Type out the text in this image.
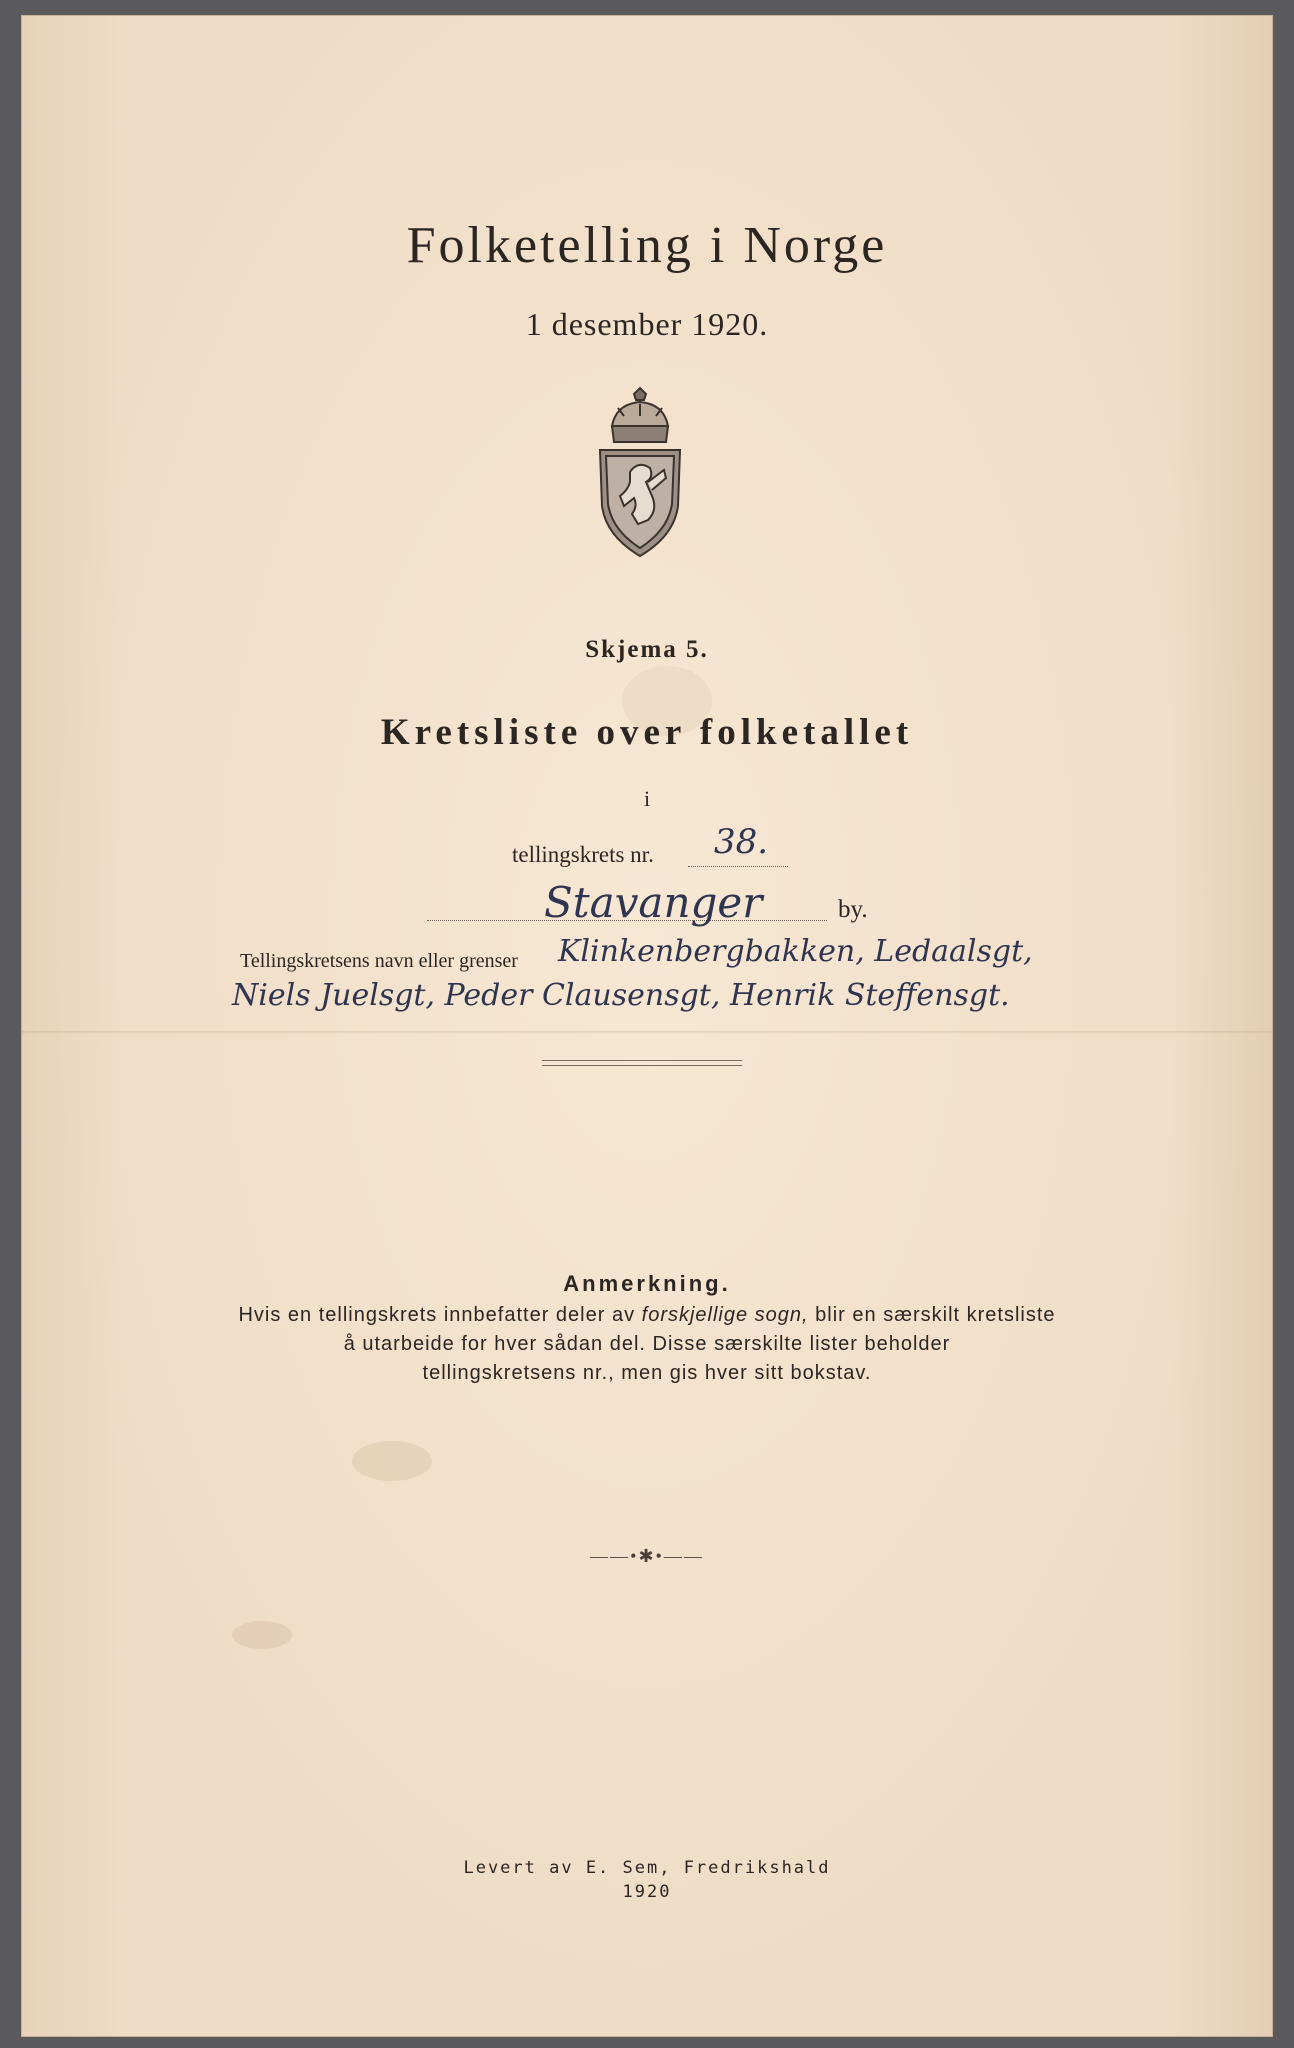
Folketelling i Norge
1 desember 1920.
Skjema 5.
Kretsliste over folketallet
i
tellingskrets nr. 38.
Stavanger	by.
Tellingskretsens navn eller grenser Klinkenbergbakken, Ledaalsgt,
Niels Juelsgt, Peder Clausensgt, Henrik Steffensgt.
Anmerkning.
Hvis en tellingskrets innbefatter deler av forskjellige sogn, blir en særskilt kretsliste
å utarbeide for hver sådan del. Disse særskilte lister beholder
tellingskretsens nr., men gis hver sitt bokstav.
——•✱•——
Levert av E. Sem, Fredrikshald
1920
